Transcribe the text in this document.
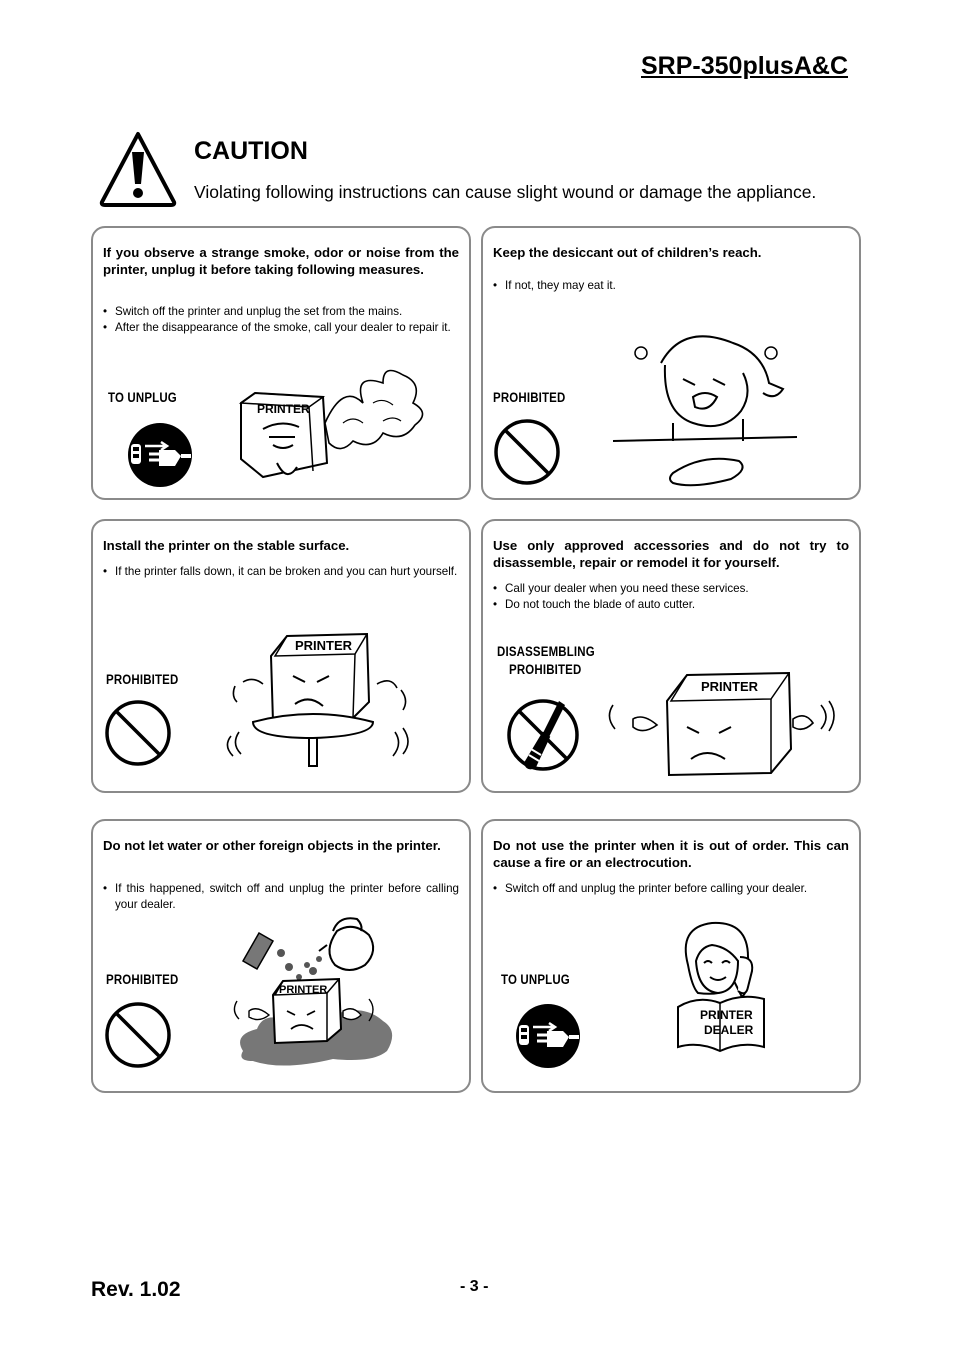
SRP-350plusA&C
CAUTION
Violating following instructions can cause slight wound or damage the appliance.
If you observe a strange smoke, odor or noise from the printer, unplug it before taking following measures.
• Switch off the printer and unplug the set from the mains.
• After the disappearance of the smoke, call your dealer to repair it.
TO UNPLUG
PRINTER
Keep the desiccant out of children’s reach.
• If not, they may eat it.
PROHIBITED
Install the printer on the stable surface.
• If the printer falls down, it can be broken and you can hurt yourself.
PROHIBITED
PRINTER
Use only approved accessories and do not try to disassemble, repair or remodel it for yourself.
• Call your dealer when you need these services.
• Do not touch the blade of auto cutter.
DISASSEMBLING
PROHIBITED
PRINTER
Do not let water or other foreign objects in the printer.
• If this happened, switch off and unplug the printer before calling your dealer.
PROHIBITED
PRINTER
Do not use the printer when it is out of order. This can cause a fire or an electrocution.
• Switch off and unplug the printer before calling your dealer.
TO UNPLUG
PRINTER
DEALER
Rev. 1.02	- 3 -
